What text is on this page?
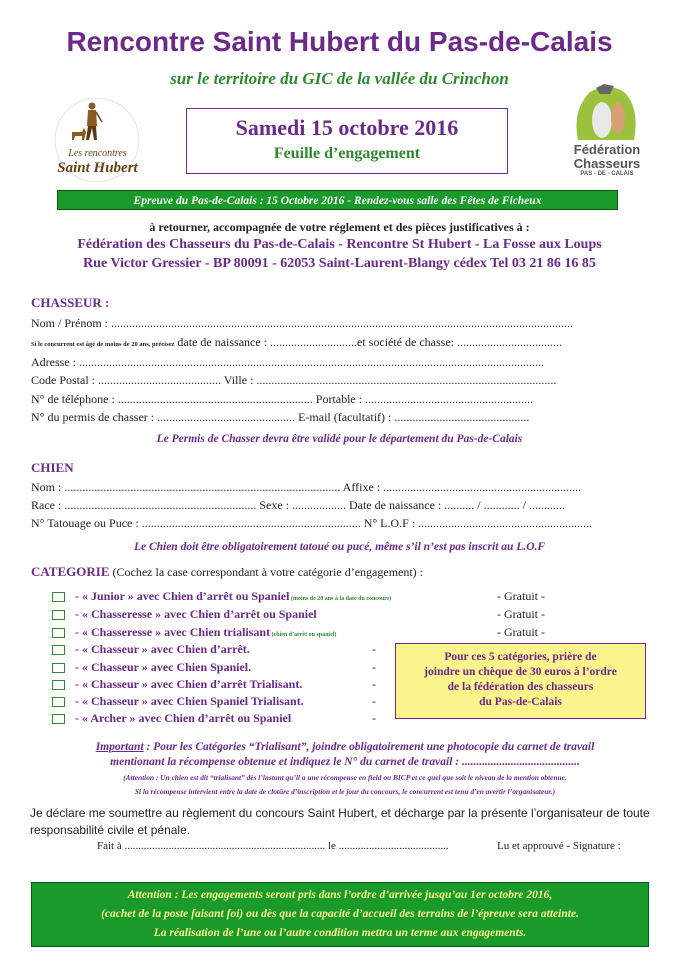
Rencontre Saint Hubert du Pas-de-Calais
sur le territoire du GIC de la vallée du Crinchon
Les rencontres
Saint Hubert
Samedi 15 octobre 2016
Feuille d’engagement	Fédération
Chasseurs
PAS - DE - CALAIS
Epreuve du Pas-de-Calais : 15 Octobre 2016 - Rendez-vous salle des Fêtes de Ficheux
à retourner, accompagnée de votre réglement et des pièces justificatives à :
Fédération des Chasseurs du Pas-de-Calais - Rencontre St Hubert - La Fosse aux Loups
Rue Victor Gressier - BP 80091 - 62053 Saint-Laurent-Blangy cédex Tel 03 21 86 16 85
CHASSEUR :
Nom / Prénom : ..........................................................................................................................................................
Si le concurrent est âgé de moins de 20 ans, précisez date de naissance : .............................et société de chasse: ...................................
Adresse : ...........................................................................................................................................................
Code Postal : ......................................... Ville : ....................................................................................................
N° de téléphone : ................................................................. Portable : ........................................................
N° du permis de chasser : .............................................. E-mail (facultatif) : .............................................
Le Permis de Chasser devra être validé pour le département du Pas-de-Calais
CHIEN
Nom : ............................................................................................ Affixe : ..................................................................
Race : ................................................................ Sexe : .................. Date de naissance : .......... / ............ / ............
N° Tatouage ou Puce : ......................................................................... N° L.O.F : ..........................................................
Le Chien doit être obligatoirement tatoué ou pucé, même s’il n’est pas inscrit au L.O.F
CATEGORIE (Cochez la case correspondant à votre catégorie d’engagement) :
- « Junior » avec Chien d’arrêt ou Spaniel (moins de 20 ans à la date du concours)	- Gratuit -
- « Chasseresse » avec Chien d’arrêt ou Spaniel	- Gratuit -
- « Chasseresse » avec Chien trialisant (chien d’arrêt ou spaniel)	- Gratuit -
- « Chasseur » avec Chien d’arrêt.	-
- « Chasseur » avec Chien Spaniel.	-
- « Chasseur » avec Chien d’arrêt Trialisant.	-
- « Chasseur » avec Chien Spaniel Trialisant.	-
- « Archer » avec Chien d’arrêt ou Spaniel	-
Pour ces 5 catégories, prière de
joindre un chèque de 30 euros à l’ordre
de la fédération des chasseurs
du Pas-de-Calais
Important : Pour les Catégories “Trialisant”, joindre obligatoirement une photocopie du carnet de travail
mentionant la récompense obtenue et indiquez le N° du carnet de travail : .........................................
(Attention : Un chien est dit “trialisant” dès l’instant qu’il a une récompense en field ou BICP et ce quel que soit le niveau de la mention obtenue.
Si la récompense intervient entre la date de clotûre d’inscription et le jour du concours, le concurrent est tenu d’en avertir l’organisateur.)
Je déclare me soumettre au règlement du concours Saint Hubert, et décharge par la présente l’organisateur de toute responsabilité civile et pénale.
Fait à ......................................................................... le ........................................	Lu et approuvé - Signature :
Attention : Les engagements seront pris dans l’ordre d’arrivée jusqu’au 1er octobre 2016,
(cachet de la poste faisant foi) ou dès que la capacité d’accueil des terrains de l’épreuve sera atteinte.
La réalisation de l’une ou l’autre condition mettra un terme aux engagements.
